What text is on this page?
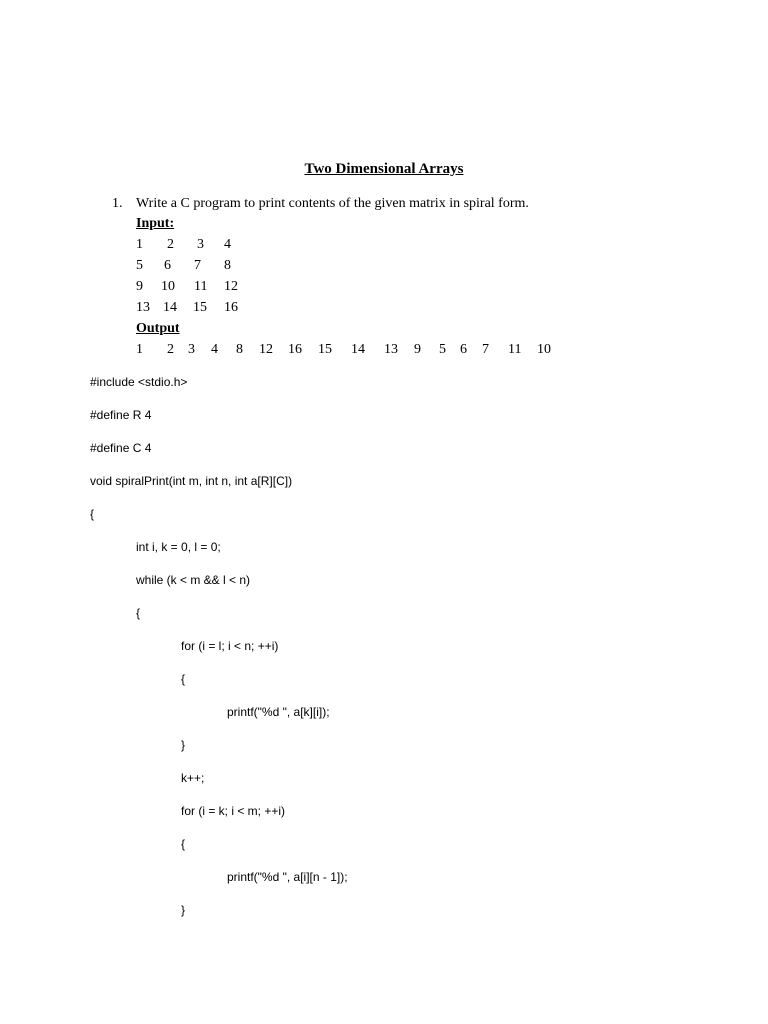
Two Dimensional Arrays
1. Write a C program to print contents of the given matrix in spiral form.
Input:
1 2 3 4
5 6 7 8
9 10 11 12
13 14 15 16
Output
1 2 3 4 8 12 16 15 14 13 9 5 6 7 11 10
#include <stdio.h>
#define R 4
#define C 4
void spiralPrint(int m, int n, int a[R][C])
{
int i, k = 0, l = 0;
while (k < m && l < n)
{
for (i = l; i < n; ++i)
{
printf("%d ", a[k][i]);
}
k++;
for (i = k; i < m; ++i)
{
printf("%d ", a[i][n - 1]);
}
